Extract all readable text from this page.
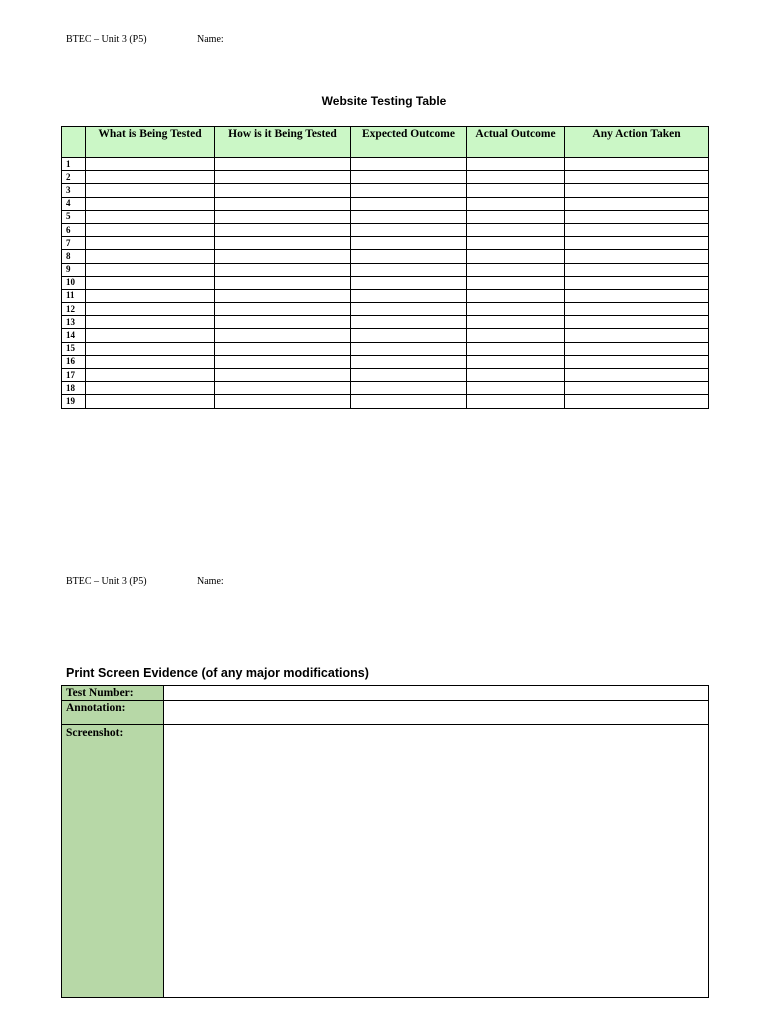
BTEC – Unit 3 (P5)	Name:
Website Testing Table
	What is Being Tested	How is it Being Tested	Expected Outcome	Actual Outcome	Any Action Taken
1					
2					
3					
4					
5					
6					
7					
8					
9					
10					
11					
12					
13					
14					
15					
16					
17					
18					
19					
BTEC – Unit 3 (P5)	Name:
Print Screen Evidence (of any major modifications)
Test Number:	
Annotation:	
Screenshot:	
